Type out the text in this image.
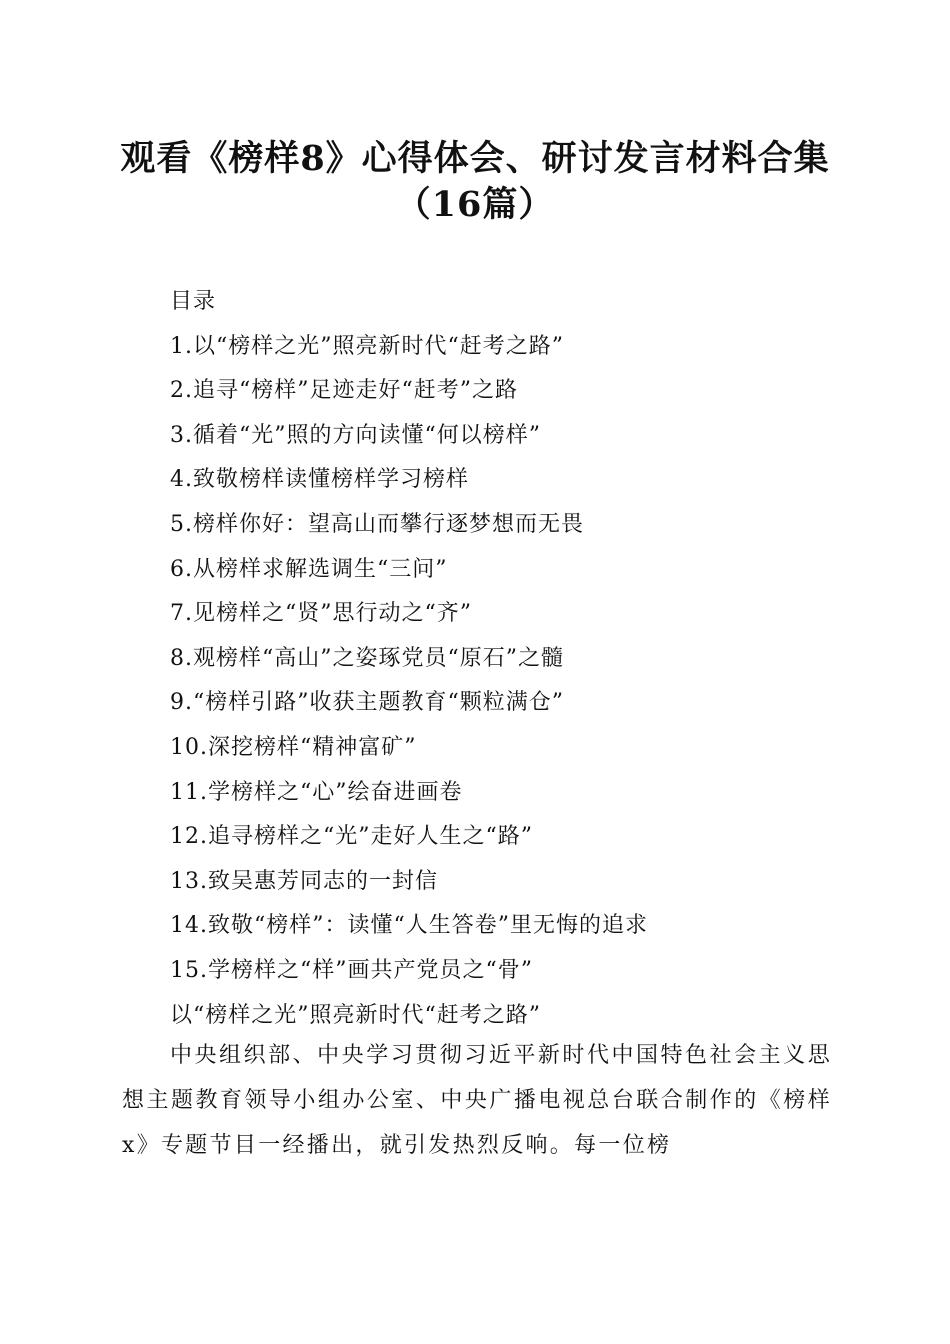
观看《榜样8》心得体会、研讨发言材料合集
（16篇）
目录
1.以“榜样之光”照亮新时代“赶考之路”
2.追寻“榜样”足迹走好“赶考”之路
3.循着“光”照的方向读懂“何以榜样”
4.致敬榜样读懂榜样学习榜样
5.榜样你好：望高山而攀行逐梦想而无畏
6.从榜样求解选调生“三问”
7.见榜样之“贤”思行动之“齐”
8.观榜样“高山”之姿琢党员“原石”之髓
9.“榜样引路”收获主题教育“颗粒满仓”
10.深挖榜样“精神富矿”
11.学榜样之“心”绘奋进画卷
12.追寻榜样之“光”走好人生之“路”
13.致吴惠芳同志的一封信
14.致敬“榜样”：读懂“人生答卷”里无悔的追求
15.学榜样之“样”画共产党员之“骨”
以“榜样之光”照亮新时代“赶考之路”
中央组织部、中央学习贯彻习近平新时代中国特色社会主义思想主题教育领导小组办公室、中央广播电视总台联合制作的《榜样x》专题节目一经播出，就引发热烈反响。每一位榜
